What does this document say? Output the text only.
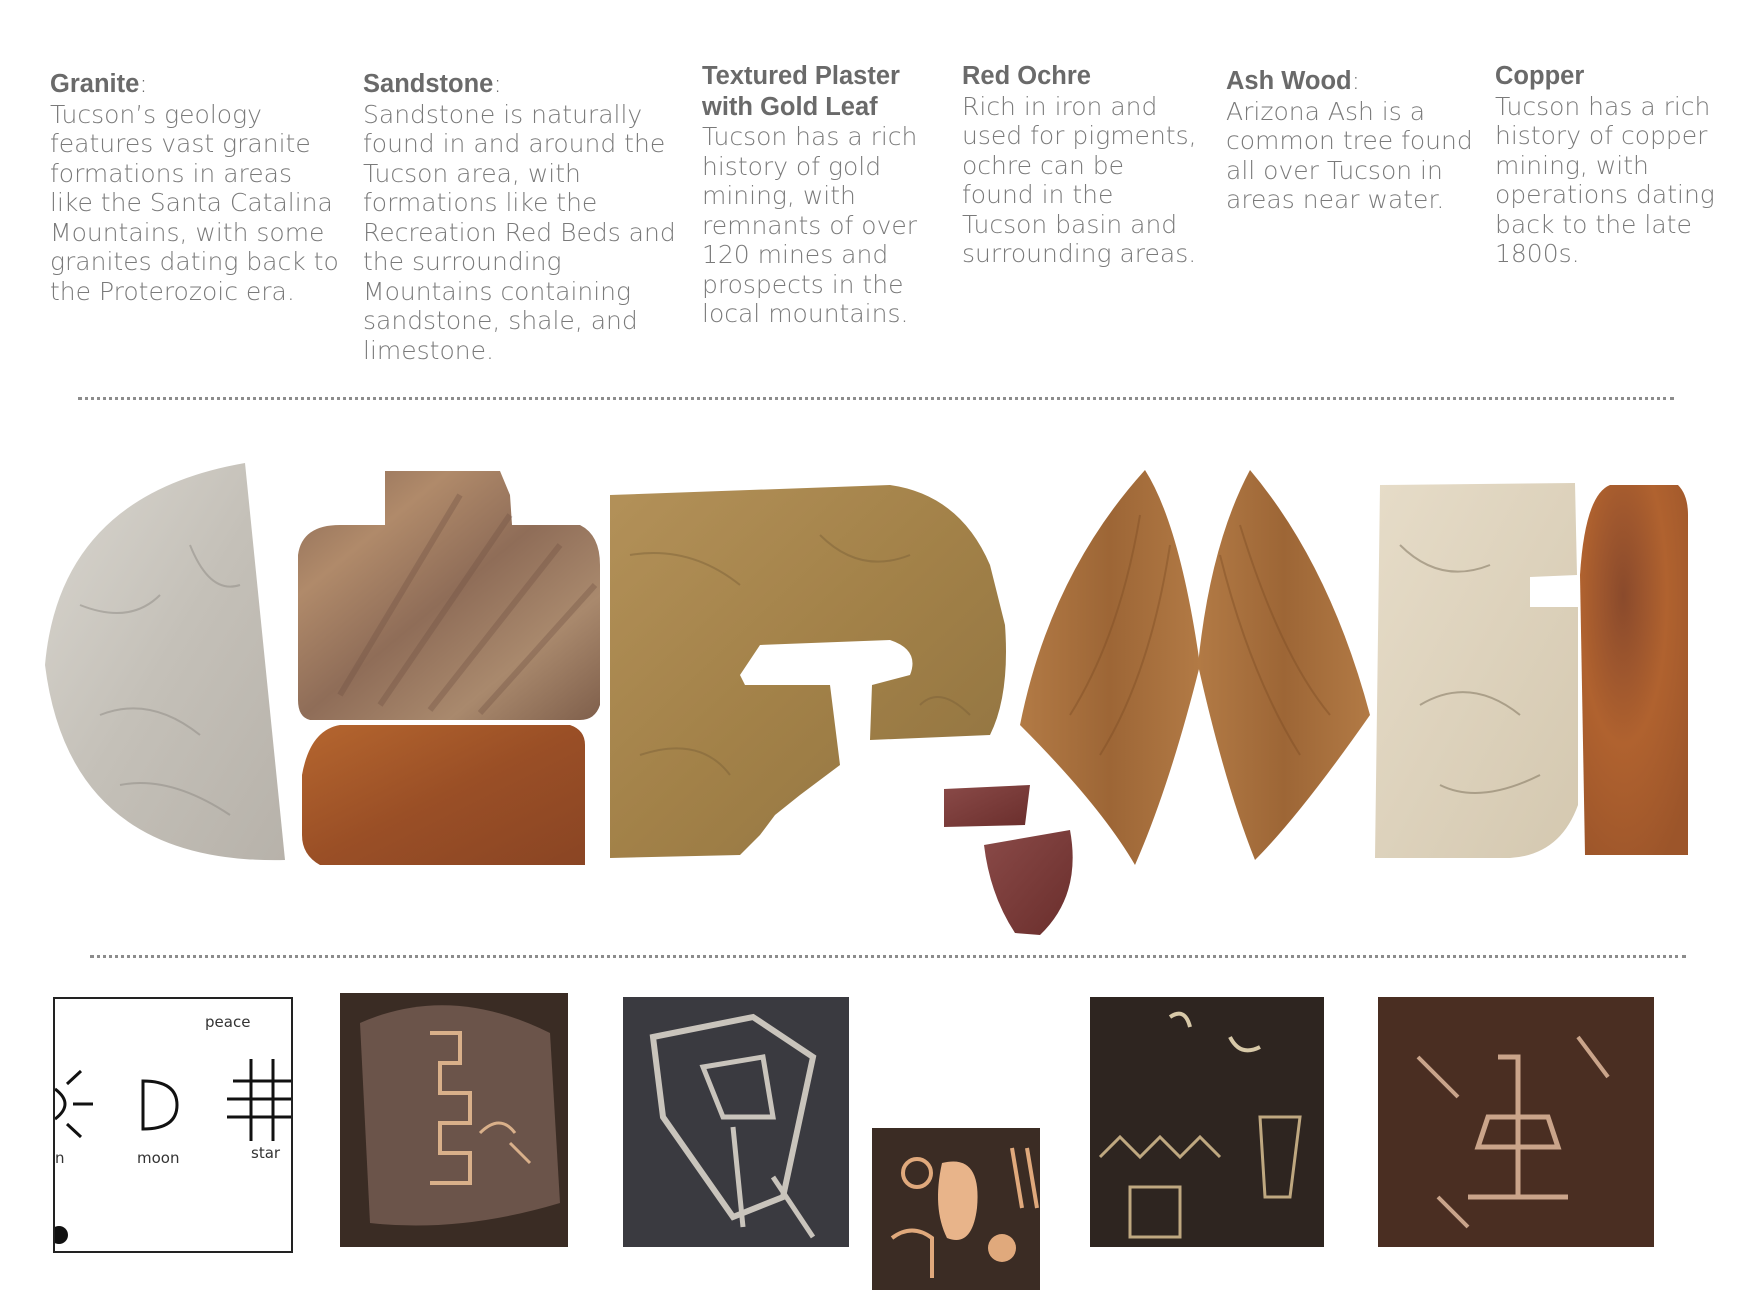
Granite:
Tucson’s geology features vast granite formations in areas like the Santa Catalina Mountains, with some granites dating back to the Proterozoic era.
Sandstone:
Sandstone is naturally found in and around the Tucson area, with formations like the Recreation Red Beds and the surrounding Mountains containing sandstone, shale, and limestone.
Textured Plaster with Gold Leaf
Tucson has a rich history of gold mining, with remnants of over 120 mines and prospects in the local mountains.
Red Ochre
Rich in iron and used for pigments, ochre can be found in the Tucson basin and surrounding areas.
Ash Wood:
Arizona Ash is a common tree found all over Tucson in areas near water.
Copper
Tucson has a rich history of copper mining, with operations dating back to the late 1800s.
peace
moon	star
n
